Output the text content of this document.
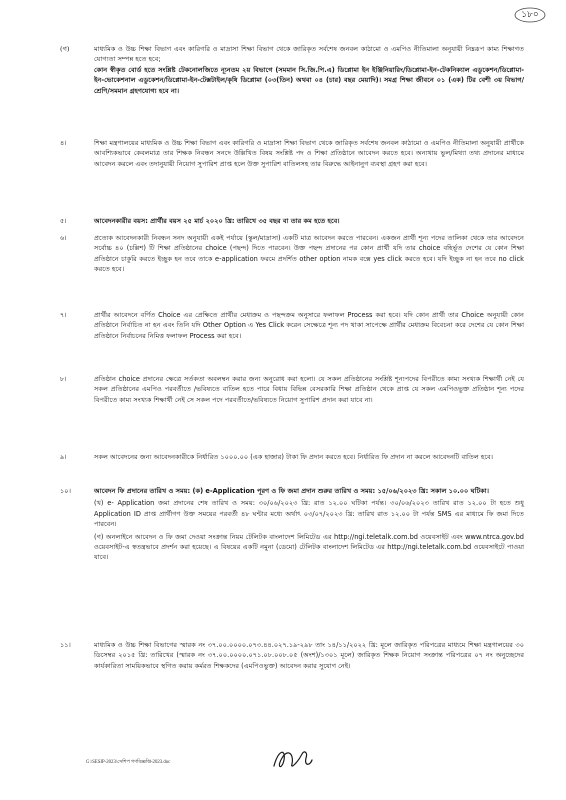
১৮০
(গ)	মাধ্যমিক ও উচ্চ শিক্ষা বিভাগ এবং কারিগরি ও মাদ্রাসা শিক্ষা বিভাগ থেকে জারিকৃত সর্বশেষ জনবল কাঠামো ও এমপিও নীতিমালা অনুযায়ী নিম্নরূপ কাম্য শিক্ষাগত যোগ্যতা সম্পন্ন হতে হবে;

কোন স্বীকৃত বোর্ড হতে সংশ্লিষ্ট টেকনোলজিতে ন্যূনতম ২য় বিভাগে (সমমান সি.জি.পি.এ) ডিপ্লোমা ইন ইঞ্জিনিয়ারিং/ডিপ্লোমা-ইন-টেকনিক্যাল এডুকেশন/ডিপ্লোমা-ইন-ভোকেশনাল এডুকেশন/ডিপ্লোমা-ইন-টেক্সটাইল/কৃষি ডিপ্লোমা (০৩(তিন) অথবা ০৪ (চার) বছর মেয়াদি)। সমগ্র শিক্ষা জীবনে ০১ (এক) টির বেশী ৩য় বিভাগ/শ্রেণি/সমমান গ্রহণযোগ্য হবে না।

৪।	শিক্ষা মন্ত্রণালয়ের মাধ্যমিক ও উচ্চ শিক্ষা বিভাগ এবং কারিগরি ও মাদ্রাসা শিক্ষা বিভাগ থেকে জারিকৃত সর্বশেষ জনবল কাঠামো ও এমপিও নীতিমালা অনুযায়ী প্রার্থীকে আবশ্যিকভাবে কেবলমাত্র তার শিক্ষক নিবন্ধন সনদে উল্লিখিত বিষয় সংশ্লিষ্ট পদ ও শিক্ষা প্রতিষ্ঠানে আবেদন করতে হবে। অন্যথায় ভুল/মিথ্যা তথ্য প্রদানের মাধ্যমে আবেদন করলে এবং তদানুযায়ী নিয়োগ সুপারিশ প্রাপ্ত হলে উক্ত সুপারিশ বাতিলসহ তার বিরুদ্ধে আইনানুগ ব্যবস্থা গ্রহণ করা হবে।

৫।	আবেদনকারীর বয়স: প্রার্থীর বয়স ২৫ মার্চ ২০২০ খ্রি: তারিখে ৩৫ বছর বা তার কম হতে হবে।

৬।	প্রত্যেক আবেদনকারী নিবন্ধন সনদ অনুযায়ী একই পর্যায়ে (স্কুল/মাদ্রাসা) একটি মাত্র আবেদন করতে পারবেন। একজন প্রার্থী শূন্য পদের তালিকা থেকে তার আবেদনে সর্বোচ্চ ৪০ (চল্লিশ) টি শিক্ষা প্রতিষ্ঠানের choice (পছন্দ) দিতে পারবেন। উক্ত পছন্দ প্রদানের পর কোন প্রার্থী যদি তার choice বহির্ভূত দেশের যে কোন শিক্ষা প্রতিষ্ঠানে চাকুরি করতে ইচ্ছুক হন তবে তাকে e-application ফরমে প্রদর্শিত other option নামক বক্সে yes click করতে হবে। যদি ইচ্ছুক না হন তবে no click করতে হবে।

৭।	প্রার্থীর আবেদনে বর্ণিত Choice এর প্রেক্ষিতে প্রার্থীর মেধাক্রম ও পছন্দক্রম অনুসারে ফলাফল Process করা হবে। যদি কোন প্রার্থী তার Choice অনুযায়ী কোন প্রতিষ্ঠানে নির্বাচিত না হন এবং তিনি যদি Other Option এ Yes Click করেন সেক্ষেত্রে শূন্য পদ থাকা সাপেক্ষে প্রার্থীর মেধাক্রম বিবেচনা করে দেশের যে কোন শিক্ষা প্রতিষ্ঠানে নির্বাচনের নিমিত্ত ফলাফল Process করা হবে।

৮।	প্রতিষ্ঠান choice প্রদানের ক্ষেত্রে সর্তকতা অবলম্বন করার জন্য অনুরোধ করা হলো। যে সকল প্রতিষ্ঠানের সংশ্লিষ্ট শূন্যপদের বিপরীতে কাম্য সংখ্যক শিক্ষার্থী নেই যে সকল প্রতিষ্ঠানের এমপিও পরবর্তীতে /ভবিষ্যতে বাতিল হতে পারে বিধায় বিভিন্ন বেসরকারি শিক্ষা প্রতিষ্ঠান থেকে প্রাপ্ত যে সকল এমপিওভুক্ত প্রতিষ্ঠান শূন্য পদের বিপরীতে কাম্য সংখ্যক শিক্ষার্থী নেই সে সকল পদে পরবর্তীতে/ভবিষ্যতে নিয়োগ সুপারিশ প্রদান করা যাবে না।

৯।	সকল আবেদনের জন্য আবেদনকারীকে নির্ধারিত ১০০০.০০ (এক হাজার) টাকা ফি প্রদান করতে হবে। নির্ধারিত ফি প্রদান না করলে আবেদনটি বাতিল হবে।

১০।	আবেদন ফি প্রদানের তারিখ ও সময়: (ক) e-Application পূরণ ও ফি জমা প্রদান শুরুর তারিখ ও সময়: ১৫/০৬/২০২৩ খ্রি: সকাল ১০.০০ ঘটিকা।

(খ) e- Application জমা প্রদানের শেষ তারিখ ও সময়: ৩০/০৬/২০২৩ খ্রি: রাত ১২.০০ ঘটিকা পর্যন্ত। ৩০/০৬/২০২৩ তারিখ রাত ১২.০০ টা হতে শুধু Application ID প্রাপ্ত প্রার্থীগণ উক্ত সময়ের পরবর্তী ৪৮ ঘন্টার মধ্যে অর্থাৎ ০৩/০৭/২০২৩ খ্রি: তারিখ রাত ১২.০০ টা পর্যন্ত SMS এর মাধ্যমে ফি জমা দিতে পারবেন।

(গ) অনলাইনে আবেদন ও ফি জমা দেওয়া সংক্রান্ত নিয়ম টেলিটক বাংলাদেশ লিমিটেড এর http://ngi.teletalk.com.bd ওয়েবসাইট এবং www.ntrca.gov.bd ওয়েবসাইট-এ স্বতন্ত্রভাবে প্রদর্শন করা হয়েছে। এ বিষয়ের একটি নমুনা (ডেমো) টেলিটক বাংলাদেশ লিমিটেড এর http://ngi.teletalk.com.bd ওয়েবসাইটে পাওয়া যাবে।

১১।	মাধ্যমিক ও উচ্চ শিক্ষা বিভাগের স্মারক নং ৩৭.০০.০০০০.০৭৩.৪৪.০২৭.১৯-২৯৮ তাং ১৪/১১/২০২২ খ্রি: মূলে জারিকৃত পরিপত্রের মাধ্যমে শিক্ষা মন্ত্রণালয়ের ৩০ ডিসেম্বর ২০১৫ খ্রি: তারিখের (স্মারক নং ৩৭.০০.০০০০.০৭১.০৮.০০৮.০৫ (অংশ)/১৩০১ মূলে) জারিকৃত শিক্ষক নিয়োগ সংক্রান্ত পরিপত্রের ০৭ নং অনুচ্ছেদের কার্যকারিতা সাময়িকভাবে স্থগিত করায় কর্মরত শিক্ষকদের (এমপিওভুক্ত) আবেদন করার সুযোগ নেই।

G:\SESIP-2023\সেশিপ গণবিজ্ঞপ্তি-2023.doc
